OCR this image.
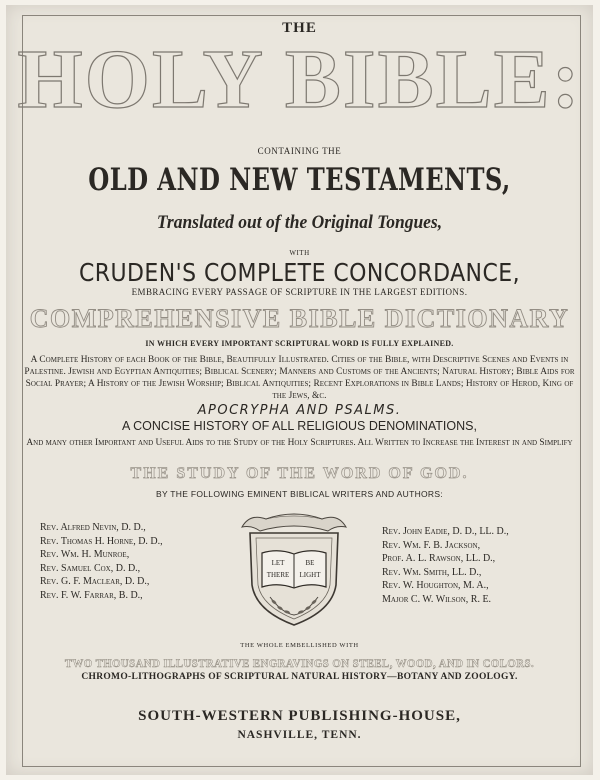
THE
HOLY BIBLE:
CONTAINING THE
OLD AND NEW TESTAMENTS,
Translated out of the Original Tongues,
WITH
CRUDEN'S COMPLETE CONCORDANCE,
EMBRACING EVERY PASSAGE OF SCRIPTURE IN THE LARGEST EDITIONS.
COMPREHENSIVE BIBLE DICTIONARY
IN WHICH EVERY IMPORTANT SCRIPTURAL WORD IS FULLY EXPLAINED.
A Complete History of each Book of the Bible, Beautifully Illustrated. Cities of the Bible, with Descriptive Scenes and Events in Palestine. Jewish and Egyptian Antiquities; Biblical Scenery; Manners and Customs of the Ancients; Natural History; Bible Aids for Social Prayer; A History of the Jewish Worship; Biblical Antiquities; Recent Explorations in Bible Lands; History of Herod, King of the Jews, &c.
APOCRYPHA AND PSALMS.
A CONCISE HISTORY OF ALL RELIGIOUS DENOMINATIONS,
And many other Important and Useful Aids to the Study of the Holy Scriptures. All Written to Increase the Interest in and Simplify
THE STUDY OF THE WORD OF GOD.
BY THE FOLLOWING EMINENT BIBLICAL WRITERS AND AUTHORS:
Rev. Alfred Nevin, D. D.,
Rev. Thomas H. Horne, D. D.,
Rev. Wm. H. Munroe,
Rev. Samuel Cox, D. D.,
Rev. G. F. Maclear, D. D.,
Rev. F. W. Farrar, B. D.,
LET
THERE
BE
LIGHT
Rev. John Eadie, D. D., LL. D.,
Rev. Wm. F. B. Jackson,
Prof. A. L. Rawson, LL. D.,
Rev. Wm. Smith, LL. D.,
Rev. W. Houghton, M. A.,
Major C. W. Wilson, R. E.
THE WHOLE EMBELLISHED WITH
TWO THOUSAND ILLUSTRATIVE ENGRAVINGS ON STEEL, WOOD, AND IN COLORS.
CHROMO-LITHOGRAPHS OF SCRIPTURAL NATURAL HISTORY—BOTANY AND ZOOLOGY.
SOUTH-WESTERN PUBLISHING-HOUSE,
NASHVILLE, TENN.
